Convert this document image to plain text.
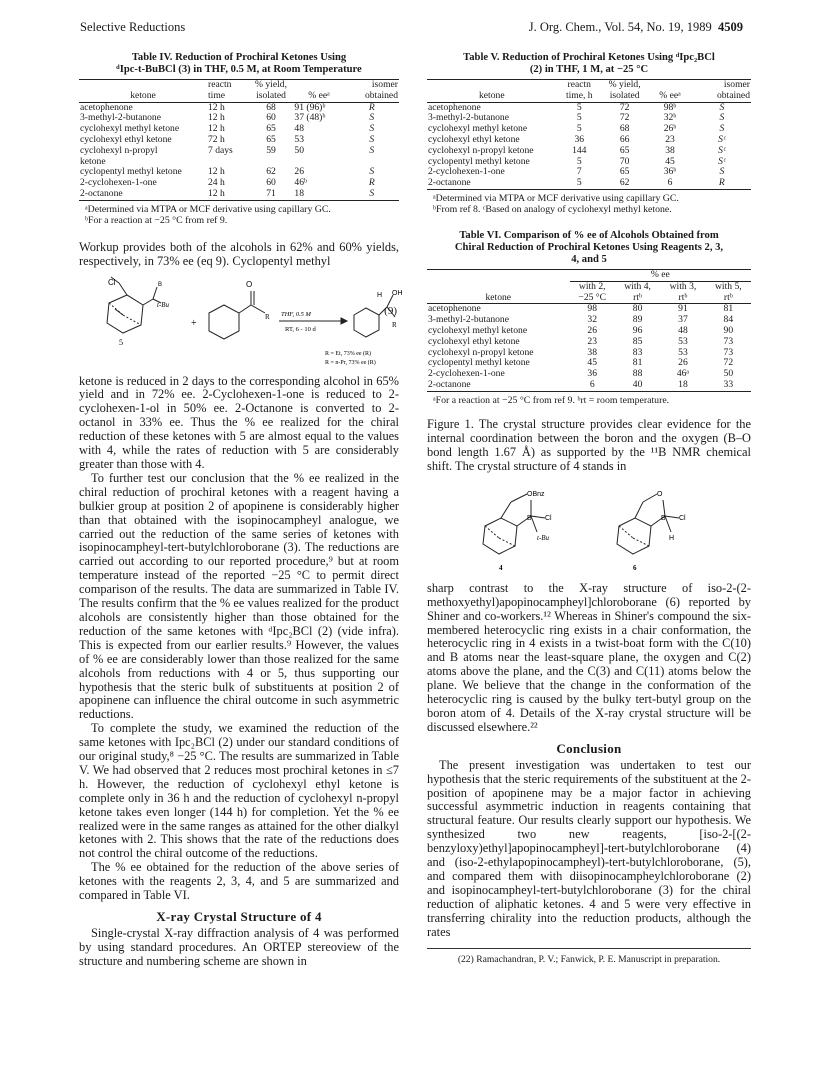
Selective Reductions	J. Org. Chem., Vol. 54, No. 19, 1989 4509
Table IV. Reduction of Prochiral Ketones Using
ᵈIpc-t-BuBCl (3) in THF, 0.5 M, at Room Temperature
ketone	reactn
time	% yield,
isolated	% eeᵃ	isomer
obtained
acetophenone	12 h	68	91 (96)ᵇ	R
3-methyl-2-butanone	12 h	60	37 (48)ᵇ	S
cyclohexyl methyl ketone	12 h	65	48	S
cyclohexyl ethyl ketone	72 h	65	53	S
cyclohexyl n-propyl	7 days	59	50	S
ketone				
cyclopentyl methyl ketone	12 h	62	26	S
2-cyclohexen-1-one	24 h	60	46ᵇ	R
2-octanone	12 h	71	18	S

ᵃDetermined via MTPA or MCF derivative using capillary GC.

ᵇFor a reaction at −25 °C from ref 9.

Workup provides both of the alcohols in 62% and 60% yields, respectively, in 73% ee (eq 9). Cyclopentyl methyl

Cl	B
t-Bu
5
+
O
R THF, 0.5 M
RT, 6 - 10 d
OH
H
R
R = Et, 73% ee (R)
R = n-Pr, 73% ee (R)
(9)

ketone is reduced in 2 days to the corresponding alcohol in 65% yield and in 72% ee. 2-Cyclohexen-1-one is reduced to 2-cyclohexen-1-ol in 50% ee. 2-Octanone is converted to 2-octanol in 33% ee. Thus the % ee realized for the chiral reduction of these ketones with 5 are almost equal to the values with 4, while the rates of reduction with 5 are considerably greater than those with 4.

To further test our conclusion that the % ee realized in the chiral reduction of prochiral ketones with a reagent having a bulkier group at position 2 of apopinene is considerably higher than that obtained with the isopinocampheyl analogue, we carried out the reduction of the same series of ketones with isopinocampheyl-tert-butylchloroborane (3). The reductions are carried out according to our reported procedure,⁹ but at room temperature instead of the reported −25 °C to permit direct comparison of the results. The data are summarized in Table IV. The results confirm that the % ee values realized for the product alcohols are consistently higher than those obtained for the reduction of the same ketones with ᵈIpc₂BCl (2) (vide infra). This is expected from our earlier results.⁹ However, the values of % ee are considerably lower than those realized for the same alcohols from reductions with 4 or 5, thus supporting our hypothesis that the steric bulk of substituents at position 2 of apopinene can influence the chiral outcome in such asymmetric reductions.

To complete the study, we examined the reduction of the same ketones with Ipc₂BCl (2) under our standard conditions of our original study,⁸ −25 °C. The results are summarized in Table V. We had observed that 2 reduces most prochiral ketones in ≤7 h. However, the reduction of cyclohexyl ethyl ketone is complete only in 36 h and the reduction of cyclohexyl n-propyl ketone takes even longer (144 h) for completion. Yet the % ee realized were in the same ranges as attained for the other dialkyl ketones with 2. This shows that the rate of the reductions does not control the chiral outcome of the reductions.

The % ee obtained for the reduction of the above series of ketones with the reagents 2, 3, 4, and 5 are summarized and compared in Table VI.

X-ray Crystal Structure of 4

Single-crystal X-ray diffraction analysis of 4 was performed by using standard procedures. An ORTEP stereoview of the structure and numbering scheme are shown in

Table V. Reduction of Prochiral Ketones Using ᵈIpc₂BCl
(2) in THF, 1 M, at −25 °C
ketone	reactn
time, h	% yield,
isolated	% eeᵃ	isomer
obtained
acetophenone	5	72	98ᵇ	S
3-methyl-2-butanone	5	72	32ᵇ	S
cyclohexyl methyl ketone	5	68	26ᵇ	S
cyclohexyl ethyl ketone	36	66	23	Sᶜ
cyclohexyl n-propyl ketone	144	65	38	Sᶜ
cyclopentyl methyl ketone	5	70	45	Sᶜ
2-cyclohexen-1-one	7	65	36ᵇ	S
2-octanone	5	62	6	R

ᵃDetermined via MTPA or MCF derivative using capillary GC.

ᵇFrom ref 8. ᶜBased on analogy of cyclohexyl methyl ketone.

Table VI. Comparison of % ee of Alcohols Obtained from
Chiral Reduction of Prochiral Ketones Using Reagents 2, 3,
4, and 5
	% ee			
ketone	with 2,
−25 °C	with 4,
rtᵇ	with 3,
rtᵇ	with 5,
rtᵇ
acetophenone	98	80	91	81
3-methyl-2-butanone	32	89	37	84
cyclohexyl methyl ketone	26	96	48	90
cyclohexyl ethyl ketone	23	85	53	73
cyclohexyl n-propyl ketone	38	83	53	73
cyclopentyl methyl ketone	45	81	26	72
2-cyclohexen-1-one	36	88	46ᵃ	50
2-octanone	6	40	18	33

ᵃFor a reaction at −25 °C from ref 9. ᵇrt = room temperature.

Figure 1. The crystal structure provides clear evidence for the internal coordination between the boron and the oxygen (B–O bond length 1.67 Å) as supported by the ¹¹B NMR chemical shift. The crystal structure of 4 stands in

OBnz
B Cl
t-Bu
4
O
B Cl
H
6

sharp contrast to the X-ray structure of iso-2-(2-methoxyethyl)apopinocampheyl]chloroborane (6) reported by Shiner and co-workers.¹² Whereas in Shiner's compound the six-membered heterocyclic ring exists in a chair conformation, the heterocyclic ring in 4 exists in a twist-boat form with the C(10) and B atoms near the least-square plane, the oxygen and C(2) atoms above the plane, and the C(3) and C(11) atoms below the plane. We believe that the change in the conformation of the heterocyclic ring is caused by the bulky tert-butyl group on the boron atom of 4. Details of the X-ray crystal structure will be discussed elsewhere.²²

Conclusion

The present investigation was undertaken to test our hypothesis that the steric requirements of the substituent at the 2-position of apopinene may be a major factor in achieving successful asymmetric induction in reagents containing that structural feature. Our results clearly support our hypothesis. We synthesized two new reagents, [iso-2-[(2-benzyloxy)ethyl]apopinocampheyl]-tert-butylchloroborane (4) and (iso-2-ethylapopinocampheyl)-tert-butylchloroborane, (5), and compared them with diisopinocampheylchloroborane (2) and isopinocampheyl-tert-butylchloroborane (3) for the chiral reduction of aliphatic ketones. 4 and 5 were very effective in transferring chirality into the reduction products, although the rates

(22) Ramachandran, P. V.; Fanwick, P. E. Manuscript in preparation.
